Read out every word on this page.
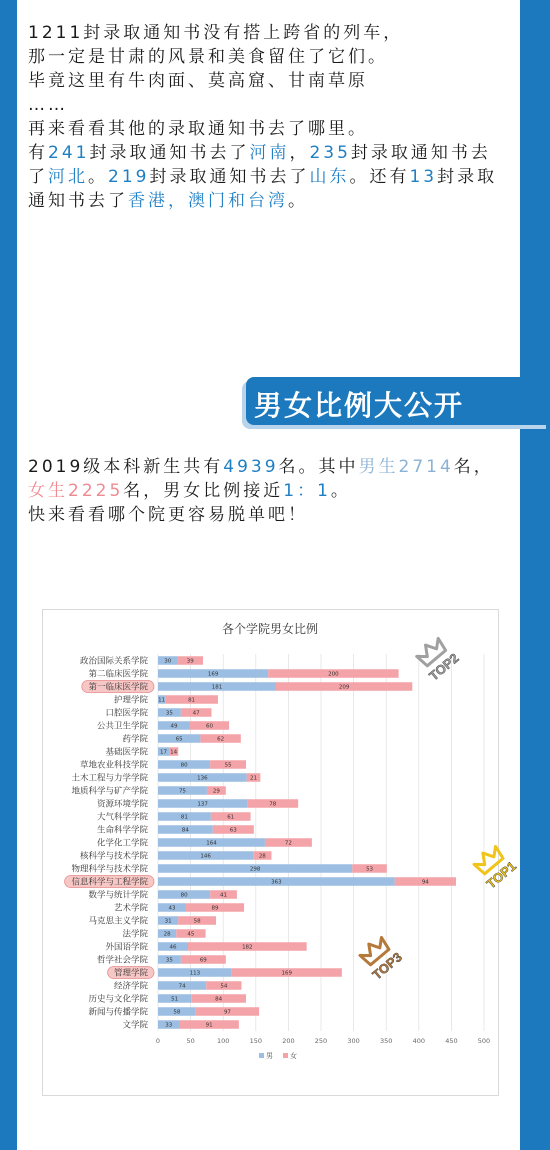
1211封录取通知书没有搭上跨省的列车，

那一定是甘肃的风景和美食留住了它们。

毕竟这里有牛肉面、莫高窟、甘南草原

……

再来看看其他的录取通知书去了哪里。

有241封录取通知书去了河南，235封录取通知书去了河北。219封录取通知书去了山东。还有13封录取通知书去了香港，澳门和台湾。

男女比例大公开

2019级本科新生共有4939名。其中男生2714名，女生2225名，男女比例接近1：1。

快来看看哪个院更容易脱单吧！

各个学院男女比例
30	39
169	200
181	209
11	81
35	47
49	60
65	62
17 14
80	55
136	21
75	29
137	78
81	61
84	63
164	72
146	28
298	53
363	94
80	41
43	89
31	58
28	45
46	182
35	69
113	169
74	54
51	84
58	97
33	91
政治国际关系学院
第二临床医学院
第一临床医学院
护理学院
口腔医学院
公共卫生学院
药学院
基础医学院
草地农业科技学院
土木工程与力学学院
地质科学与矿产学院
资源环境学院
大气科学学院
生命科学学院
化学化工学院
核科学与技术学院
物理科学与技术学院
信息科学与工程学院
数学与统计学院
艺术学院
马克思主义学院
法学院
外国语学院
哲学社会学院
管理学院
经济学院
历史与文化学院
新闻与传播学院
文学院
0	50	100	150	200	250	300	350	400	450	500
TOP1
TOP2
TOP3
男 女
